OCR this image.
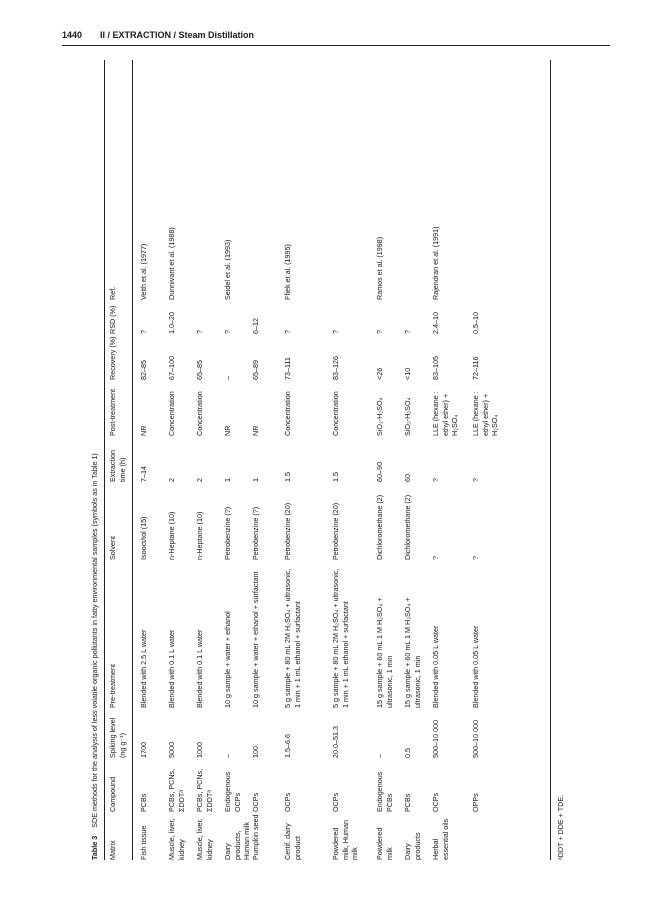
1440 II / EXTRACTION / Steam Distillation
Table 3 SDE methods for the analysis of less volatile organic pollutants in fatty environmental samples (symbols as in Table 1)
Matrix
Compound
Spiking level (ng g⁻¹)
Pre-treatment
Solvent
Extraction time (h)
Post-treatment
Recovery (%)
RSD (%)
Ref.
Fish tissue
PCBs
1700
Blended with 2.5 L water
Isooct/tol (15)
7–14
NR
82–85
?
Veith et al. (1977)
Muscle, liver, kidney
PCBs, PCNs, ΣDDTᵃ
5000
Blended with 0.1 L water
n-Heptane (10)
2
Concentration
67–100
1.0–20
Dunnivant et al. (1988)
Muscle, liver, kidney
PCBs, PCNs, ΣDDTᵃ
1000
Blended with 0.1 L water
n-Heptane (10)
2
Concentration
65–85
?
Dairy products, Human milk
Endogenous OCPs
–
10 g sample + water + ethanol
Petrobenzine (?)
1
NR
–
?
Seidel et al. (1993)
Pumpkin seed
OCPs
100
10 g sample + water + ethanol + surfactant
Petrobenzine (?)
1
NR
65–89
6–12
Certif. dairy product
OCPs
1.5–6.6
5 g sample + 80 mL 2M H₂SO₄ + ultrasonic, 1 min + 1 mL ethanol + surfactant
Petrobenzine (20)
1.5
Concentration
73–111
?
Ffiek et al. (1995)
Powdered milk, Human milk
OCPs
20.0–51.3
5 g sample + 80 mL 2M H₂SO₄ + ultrasonic, 1 min + 1 mL ethanol + surfactant
Petrobenzine (20)
1.5
Concentration
83–126
?
Powdered milk
Endogenous PCBs
–
15 g sample + 60 mL 1 M H₂SO₄ + ultrasonic, 1 min
Dichloromethane (2)
60–90
SiO₂-H₂SO₄
<26
?
Ramos et al. (1998)
Dairy products
PCBs
0.5
15 g sample + 60 mL 1 M H₂SO₄ + ultrasonic, 1 min
Dichloromethane (2)
60
SiO₂-H₂SO₄
<10
?
Herbal essential oils
OCPs
500–10 000
Blended with 0.05 L water
?
?
LLE (hexane : ethyl ether) + H₂SO₄
83–105
2.4–10
Rajendran et al. (1991)
OPPs
500–10 000
Blended with 0.05 L water
?
?
LLE (hexane : ethyl ether) + H₂SO₄
72–116
0.5–10
ᵃDDT + DDE + TDE.
